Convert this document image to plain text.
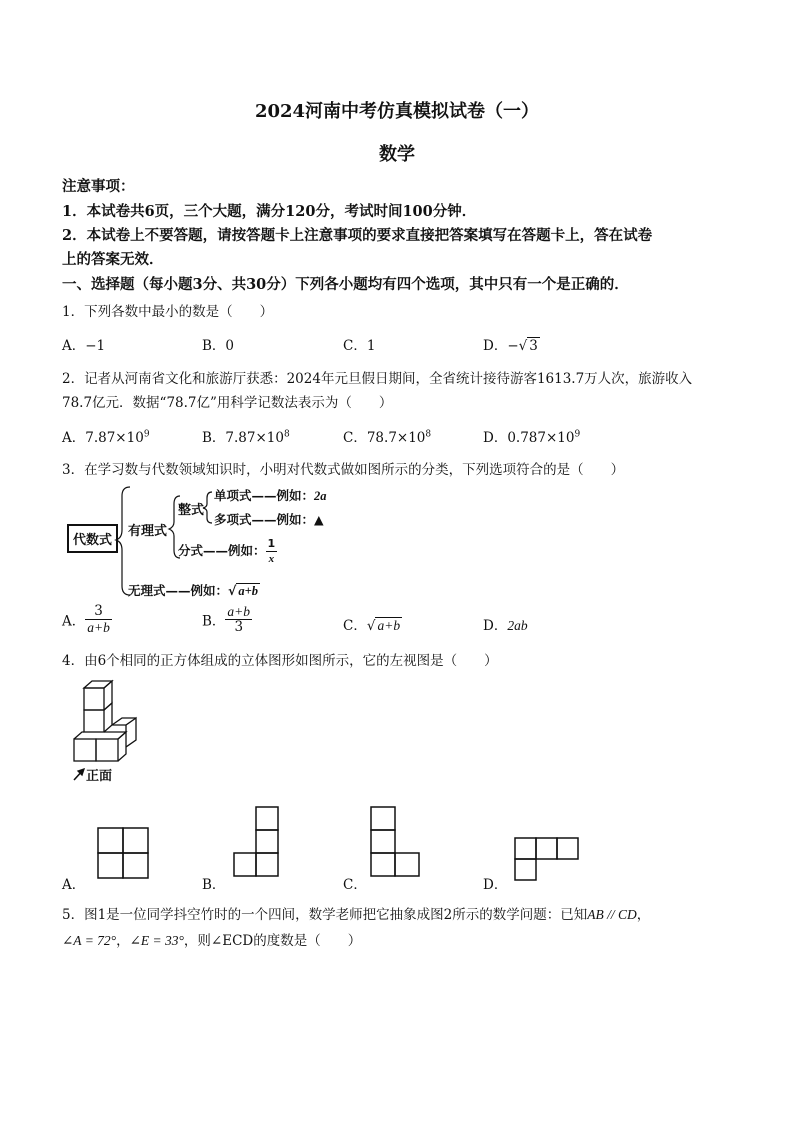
2024河南中考仿真模拟试卷（一）
数学
注意事项：
1．本试卷共6页，三个大题，满分120分，考试时间100分钟．
2．本试卷上不要答题，请按答题卡上注意事项的要求直接把答案填写在答题卡上，答在试卷
上的答案无效．
一、选择题（每小题3分、共30分）下列各小题均有四个选项，其中只有一个是正确的．
1．下列各数中最小的数是（　　）
A．−1	B．0	C．1	D．−√ 3
2．记者从河南省文化和旅游厅获悉：2024年元旦假日期间，全省统计接待游客1613.7万人次，旅游收入
78.7亿元．数据“78.7亿”用科学记数法表示为（　　）
A．$7.87\times 10^9$	B．$7.87\times 10^8$	C．$78.7\times 10^8$	D．$0.787\times 10^9$
3．在学习数与代数领域知识时，小明对代数式做如图所示的分类，下列选项符合的是（　　）
代数式
有理式
整式
单项式——例如：2a
多项式——例如：▲
分式——例如： $\frac{1}{x}$
无理式——例如：√ a+b
A． $\frac{3}{a+b}$	B． $\frac{a+b}{3}$	C．√ a+b	D．2ab
4．由6个相同的正方体组成的立体图形如图所示，它的左视图是（　　）
正面
A．	B．	C．	D．
5．图1是一位同学抖空竹时的一个四间，数学老师把它抽象成图2所示的数学问题：已知AB // CD，
∠A = 72°，∠E = 33°，则∠ECD的度数是（　　）
